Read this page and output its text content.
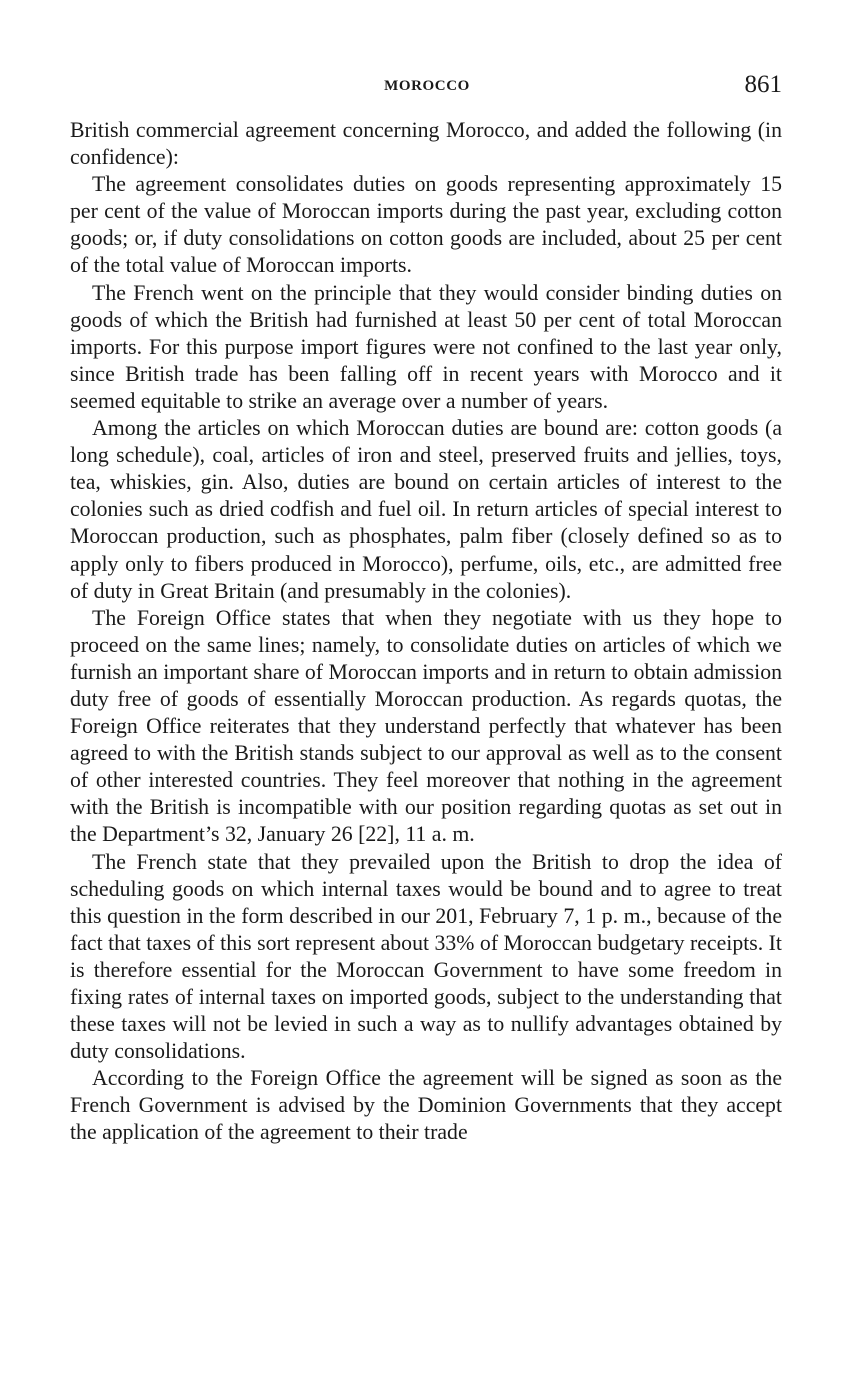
MOROCCO	861

British commercial agreement concerning Morocco, and added the following (in confidence):

The agreement consolidates duties on goods representing approximately 15 per cent of the value of Moroccan imports during the past year, excluding cotton goods; or, if duty consolidations on cotton goods are included, about 25 per cent of the total value of Moroccan imports.

The French went on the principle that they would consider binding duties on goods of which the British had furnished at least 50 per cent of total Moroccan imports. For this purpose import figures were not confined to the last year only, since British trade has been falling off in recent years with Morocco and it seemed equitable to strike an average over a number of years.

Among the articles on which Moroccan duties are bound are: cotton goods (a long schedule), coal, articles of iron and steel, preserved fruits and jellies, toys, tea, whiskies, gin. Also, duties are bound on certain articles of interest to the colonies such as dried codfish and fuel oil. In return articles of special interest to Moroccan production, such as phosphates, palm fiber (closely defined so as to apply only to fibers produced in Morocco), perfume, oils, etc., are admitted free of duty in Great Britain (and presumably in the colonies).

The Foreign Office states that when they negotiate with us they hope to proceed on the same lines; namely, to consolidate duties on articles of which we furnish an important share of Moroccan imports and in return to obtain admission duty free of goods of essentially Moroccan production. As regards quotas, the Foreign Office reiterates that they understand perfectly that whatever has been agreed to with the British stands subject to our approval as well as to the consent of other interested countries. They feel moreover that nothing in the agreement with the British is incompatible with our position regarding quotas as set out in the Department’s 32, January 26 [22], 11 a. m.

The French state that they prevailed upon the British to drop the idea of scheduling goods on which internal taxes would be bound and to agree to treat this question in the form described in our 201, February 7, 1 p. m., because of the fact that taxes of this sort represent about 33% of Moroccan budgetary receipts. It is therefore essential for the Moroccan Government to have some freedom in fixing rates of internal taxes on imported goods, subject to the understanding that these taxes will not be levied in such a way as to nullify advantages obtained by duty consolidations.

According to the Foreign Office the agreement will be signed as soon as the French Government is advised by the Dominion Governments that they accept the application of the agreement to their trade
